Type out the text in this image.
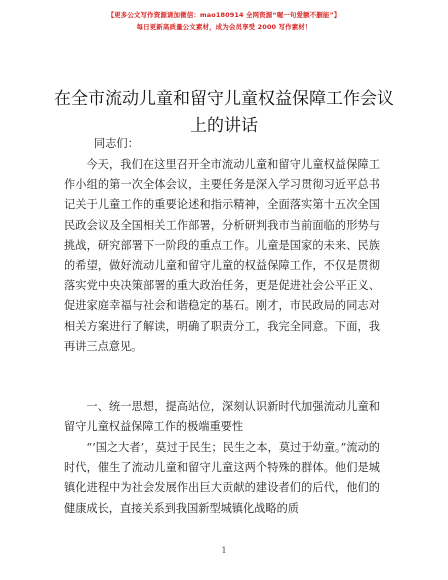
【更多公文写作资源请加微信：mao180914 全网资源“喔一句爱额不删能”】
每日更新高质量公文素材，成为会员享受 2000 写作素材！
在全市流动儿童和留守儿童权益保障工作会议上的讲话
同志们：
今天，我们在这里召开全市流动儿童和留守儿童权益保障工作小组的第一次全体会议，主要任务是深入学习贯彻习近平总书记关于儿童工作的重要论述和指示精神，全面落实第十五次全国民政会议及全国相关工作部署，分析研判我市当前面临的形势与挑战，研究部署下一阶段的重点工作。儿童是国家的未来、民族的希望，做好流动儿童和留守儿童的权益保障工作，不仅是贯彻落实党中央决策部署的重大政治任务，更是促进社会公平正义、促进家庭幸福与社会和谐稳定的基石。刚才，市民政局的同志对相关方案进行了解读，明确了职责分工，我完全同意。下面，我再讲三点意见。
一、统一思想，提高站位，深刻认识新时代加强流动儿童和留守儿童权益保障工作的极端重要性
“‘国之大者’，莫过于民生；民生之本，莫过于幼童。”流动的时代，催生了流动儿童和留守儿童这两个特殊的群体。他们是城镇化进程中为社会发展作出巨大贡献的建设者们的后代，他们的健康成长，直接关系到我国新型城镇化战略的质
1
